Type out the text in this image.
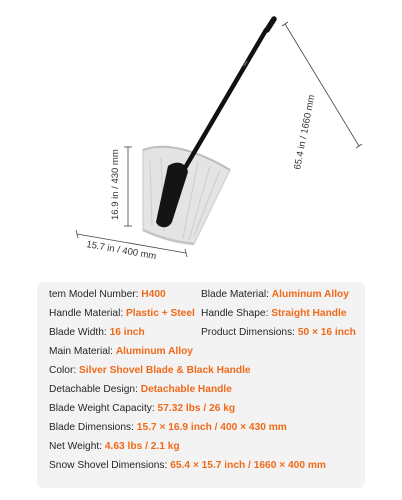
16.9 in / 430 mm
15.7 in / 400 mm
65.4 in / 1660 mm
tem Model Number: H400	Blade Material: Aluminum Alloy
Handle Material: Plastic + Steel Handle Shape: Straight Handle
Blade Width: 16 inch	Product Dimensions: 50 × 16 inch
Main Material: Aluminum Alloy
Color: Silver Shovel Blade & Black Handle
Detachable Design: Detachable Handle
Blade Weight Capacity: 57.32 lbs / 26 kg
Blade Dimensions: 15.7 × 16.9 inch / 400 × 430 mm
Net Weight: 4.63 lbs / 2.1 kg
Snow Shovel Dimensions: 65.4 × 15.7 inch / 1660 × 400 mm
